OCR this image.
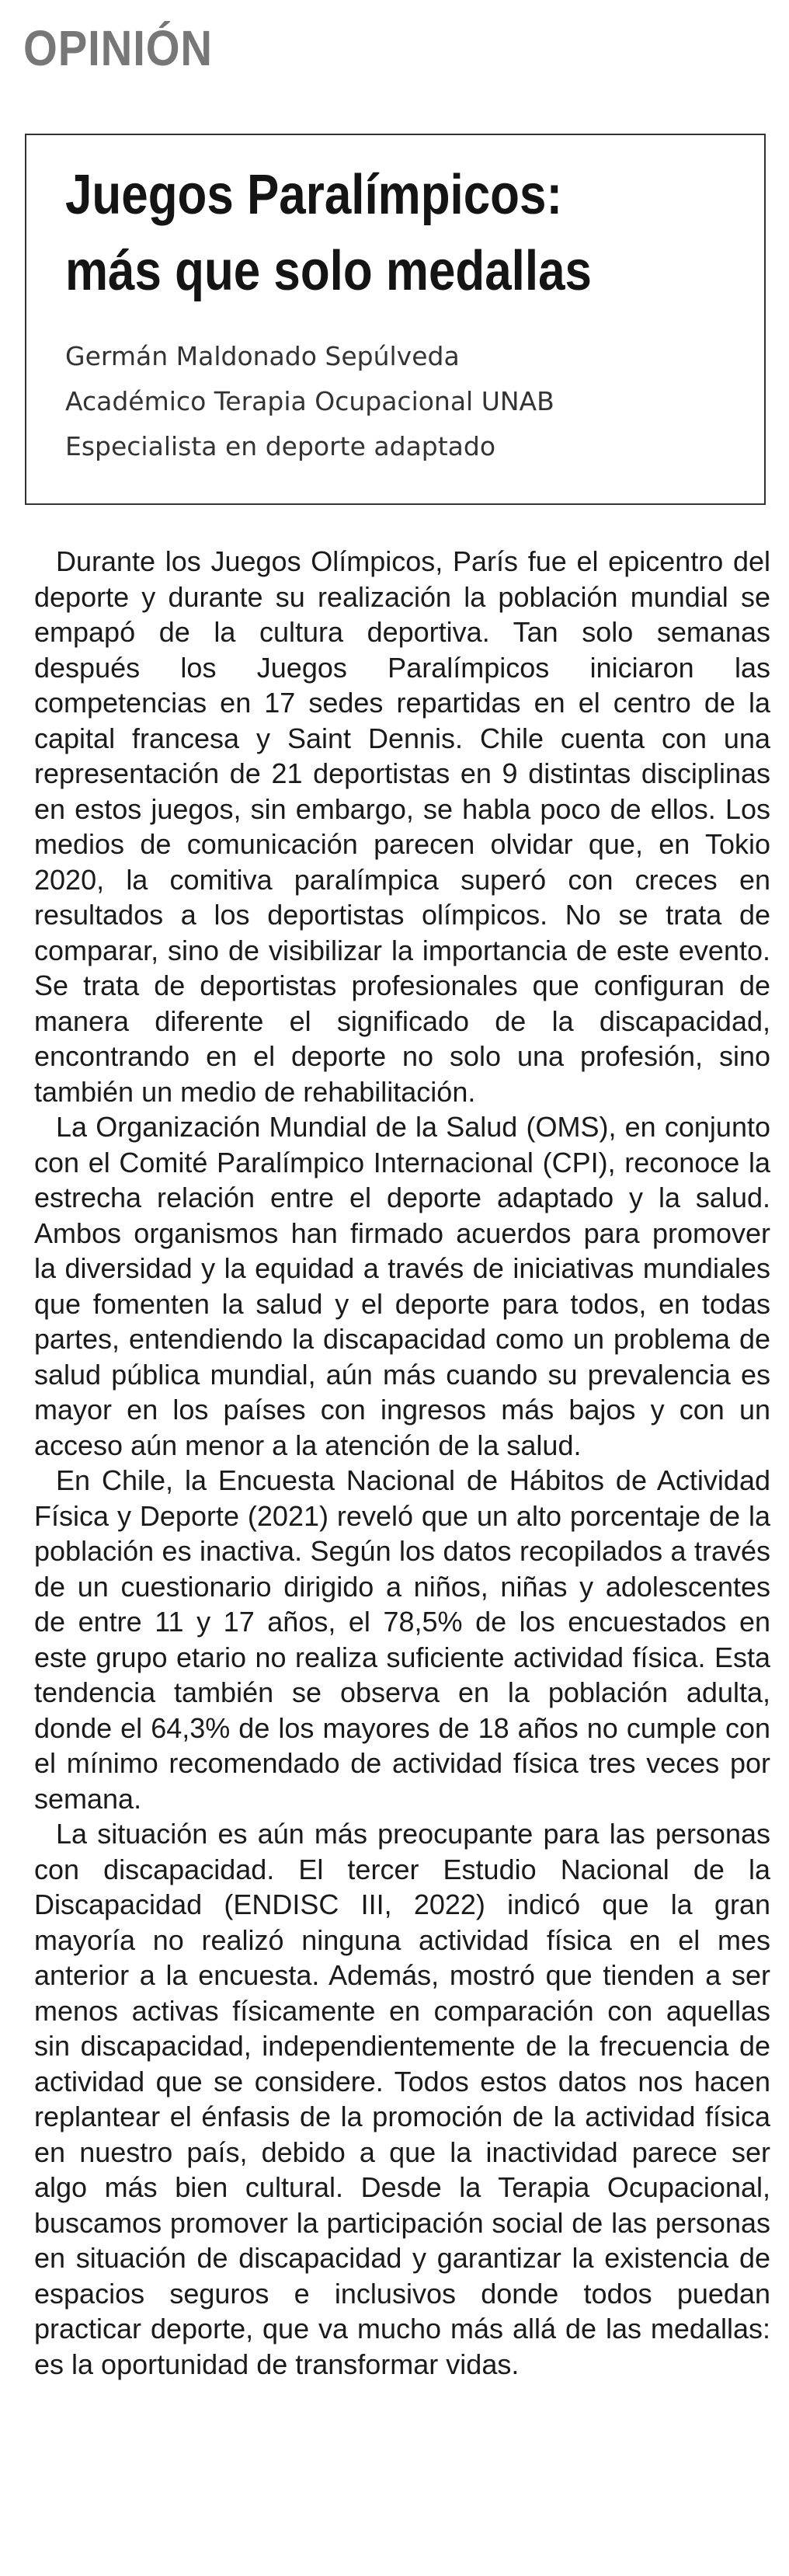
OPINIÓN
Juegos Paralímpicos:
más que solo medallas
Germán Maldonado Sepúlveda
Académico Terapia Ocupacional UNAB
Especialista en deporte adaptado

Durante los Juegos Olímpicos, París fue el epicentro del deporte y durante su realización la población mundial se empapó de la cultura deportiva. Tan solo semanas después los Juegos Paralímpicos iniciaron las competencias en 17 sedes repartidas en el centro de la capital francesa y Saint Dennis. Chile cuenta con una representación de 21 deportistas en 9 distintas disciplinas en estos juegos, sin embargo, se habla poco de ellos. Los medios de comunicación parecen olvidar que, en Tokio 2020, la comitiva paralímpica superó con creces en resultados a los deportistas olímpicos. No se trata de comparar, sino de visibilizar la importancia de este evento. Se trata de deportistas profesionales que configuran de manera diferente el significado de la discapacidad, encontrando en el deporte no solo una profesión, sino también un medio de rehabilitación.

La Organización Mundial de la Salud (OMS), en conjunto con el Comité Paralímpico Internacional (CPI), reconoce la estrecha relación entre el deporte adaptado y la salud. Ambos organismos han firmado acuerdos para promover la diversidad y la equidad a través de iniciativas mundiales que fomenten la salud y el deporte para todos, en todas partes, entendiendo la discapacidad como un problema de salud pública mundial, aún más cuando su prevalencia es mayor en los países con ingresos más bajos y con un acceso aún menor a la atención de la salud.

En Chile, la Encuesta Nacional de Hábitos de Actividad Física y Deporte (2021) reveló que un alto porcentaje de la población es inactiva. Según los datos recopilados a través de un cuestionario dirigido a niños, niñas y adolescentes de entre 11 y 17 años, el 78,5% de los encuestados en este grupo etario no realiza suficiente actividad física. Esta tendencia también se observa en la población adulta, donde el 64,3% de los mayores de 18 años no cumple con el mínimo recomendado de actividad física tres veces por semana.

La situación es aún más preocupante para las personas con discapacidad. El tercer Estudio Nacional de la Discapacidad (ENDISC III, 2022) indicó que la gran mayoría no realizó ninguna actividad física en el mes anterior a la encuesta. Además, mostró que tienden a ser menos activas físicamente en comparación con aquellas sin discapacidad, independientemente de la frecuencia de actividad que se considere. Todos estos datos nos hacen replantear el énfasis de la promoción de la actividad física en nuestro país, debido a que la inactividad parece ser algo más bien cultural. Desde la Terapia Ocupacional, buscamos promover la participación social de las personas en situación de discapacidad y garantizar la existencia de espacios seguros e inclusivos donde todos puedan practicar deporte, que va mucho más allá de las medallas: es la oportunidad de transformar vidas.
